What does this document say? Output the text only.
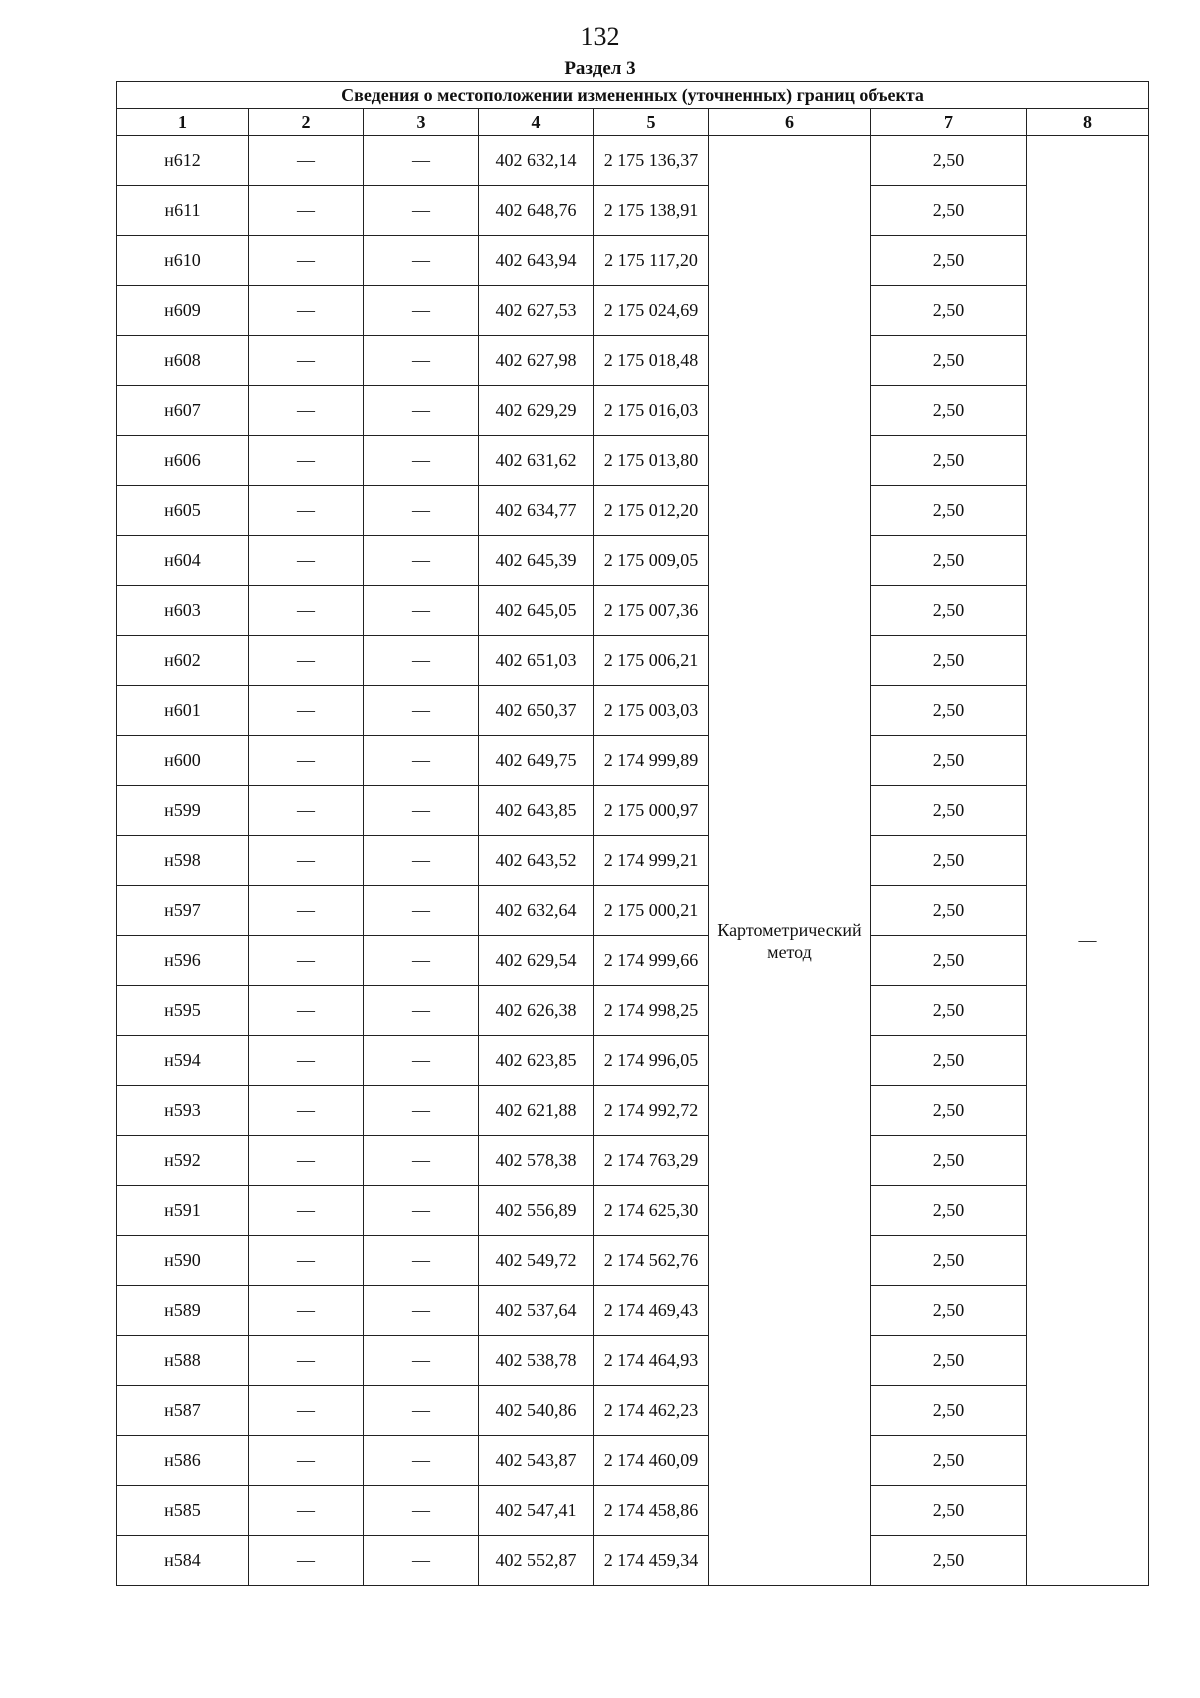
132
Раздел 3
Сведения о местоположении измененных (уточненных) границ объекта							
1	2	3	4	5	6	7	8
н612	—	—	402 632,14	2 175 136,37	Картометрический метод	2,50	—
н611	—	—	402 648,76	2 175 138,91		2,50	
н610	—	—	402 643,94	2 175 117,20		2,50	
н609	—	—	402 627,53	2 175 024,69		2,50	
н608	—	—	402 627,98	2 175 018,48		2,50	
н607	—	—	402 629,29	2 175 016,03		2,50	
н606	—	—	402 631,62	2 175 013,80		2,50	
н605	—	—	402 634,77	2 175 012,20		2,50	
н604	—	—	402 645,39	2 175 009,05		2,50	
н603	—	—	402 645,05	2 175 007,36		2,50	
н602	—	—	402 651,03	2 175 006,21		2,50	
н601	—	—	402 650,37	2 175 003,03		2,50	
н600	—	—	402 649,75	2 174 999,89		2,50	
н599	—	—	402 643,85	2 175 000,97		2,50	
н598	—	—	402 643,52	2 174 999,21		2,50	
н597	—	—	402 632,64	2 175 000,21		2,50	
н596	—	—	402 629,54	2 174 999,66		2,50	
н595	—	—	402 626,38	2 174 998,25		2,50	
н594	—	—	402 623,85	2 174 996,05		2,50	
н593	—	—	402 621,88	2 174 992,72		2,50	
н592	—	—	402 578,38	2 174 763,29		2,50	
н591	—	—	402 556,89	2 174 625,30		2,50	
н590	—	—	402 549,72	2 174 562,76		2,50	
н589	—	—	402 537,64	2 174 469,43		2,50	
н588	—	—	402 538,78	2 174 464,93		2,50	
н587	—	—	402 540,86	2 174 462,23		2,50	
н586	—	—	402 543,87	2 174 460,09		2,50	
н585	—	—	402 547,41	2 174 458,86		2,50	
н584	—	—	402 552,87	2 174 459,34		2,50	
